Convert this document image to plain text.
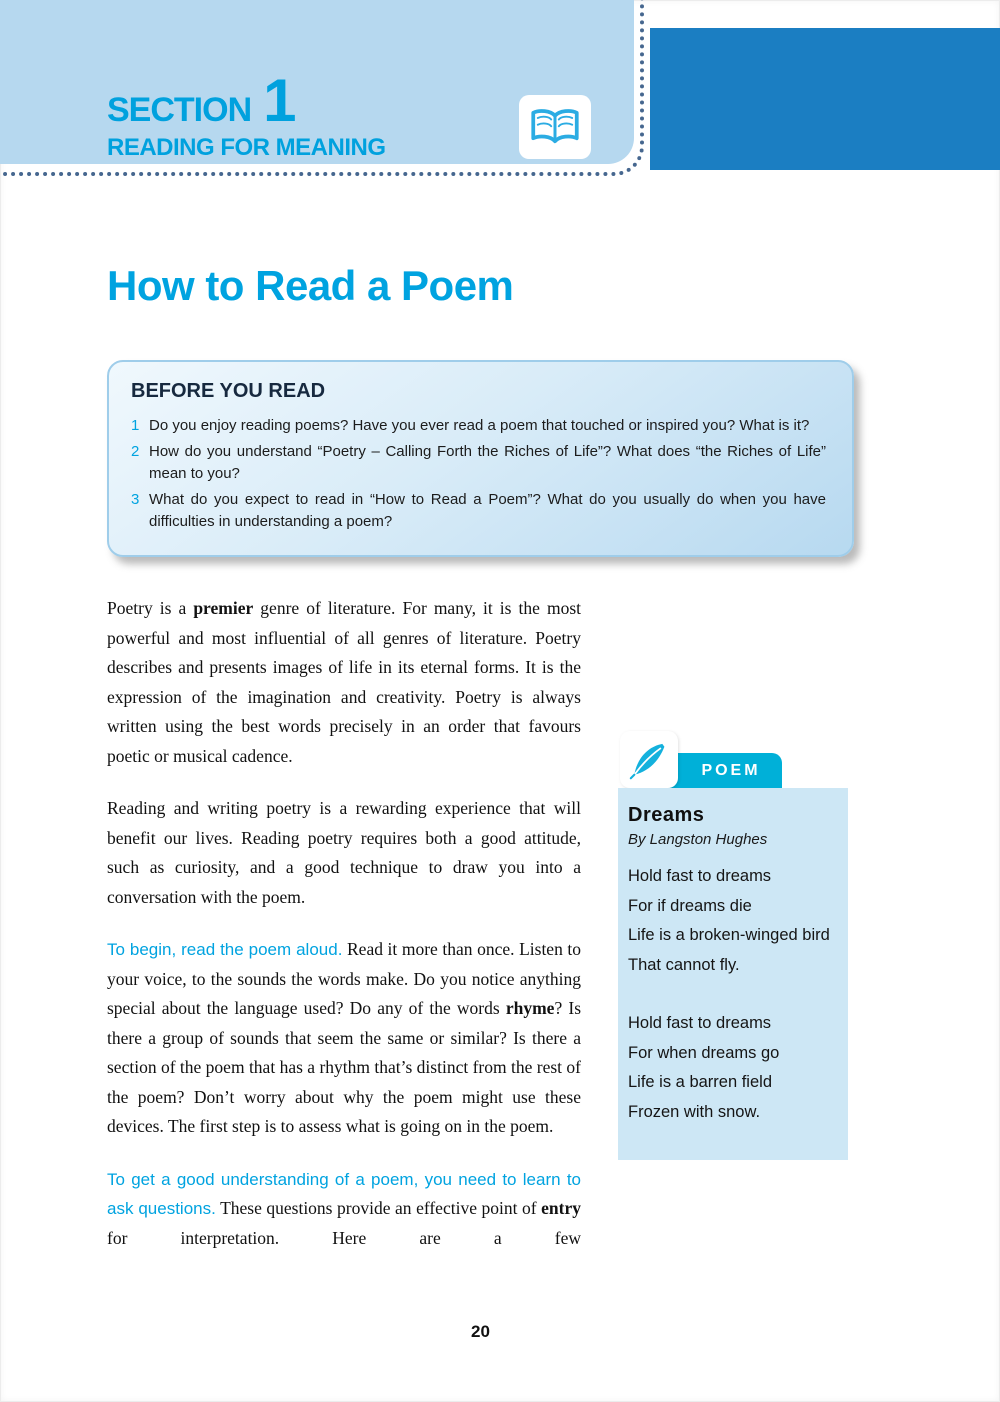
SECTION 1
READING FOR MEANING
How to Read a Poem
BEFORE YOU READ
1 Do you enjoy reading poems? Have you ever read a poem that touched or inspired you? What is it?
2 How do you understand “Poetry – Calling Forth the Riches of Life”? What does “the Riches of Life” mean to you?
3 What do you expect to read in “How to Read a Poem”? What do you usually do when you have difficulties in understanding a poem?

Poetry is a premier genre of literature. For many, it is the most powerful and most influential of all genres of literature. Poetry describes and presents images of life in its eternal forms. It is the expression of the imagination and creativity. Poetry is always written using the best words precisely in an order that favours poetic or musical cadence.

Reading and writing poetry is a rewarding experience that will benefit our lives. Reading poetry requires both a good attitude, such as curiosity, and a good technique to draw you into a conversation with the poem.

To begin, read the poem aloud. Read it more than once. Listen to your voice, to the sounds the words make. Do you notice anything special about the language used? Do any of the words rhyme? Is there a group of sounds that seem the same or similar? Is there a section of the poem that has a rhythm that’s distinct from the rest of the poem? Don’t worry about why the poem might use these devices. The first step is to assess what is going on in the poem.

To get a good understanding of a poem, you need to learn to ask questions. These questions provide an effective point of entry for interpretation. Here are a few

POEM
Dreams
By Langston Hughes
Hold fast to dreams
For if dreams die
Life is a broken-winged bird
That cannot fly.
Hold fast to dreams
For when dreams go
Life is a barren field
Frozen with snow.
20
